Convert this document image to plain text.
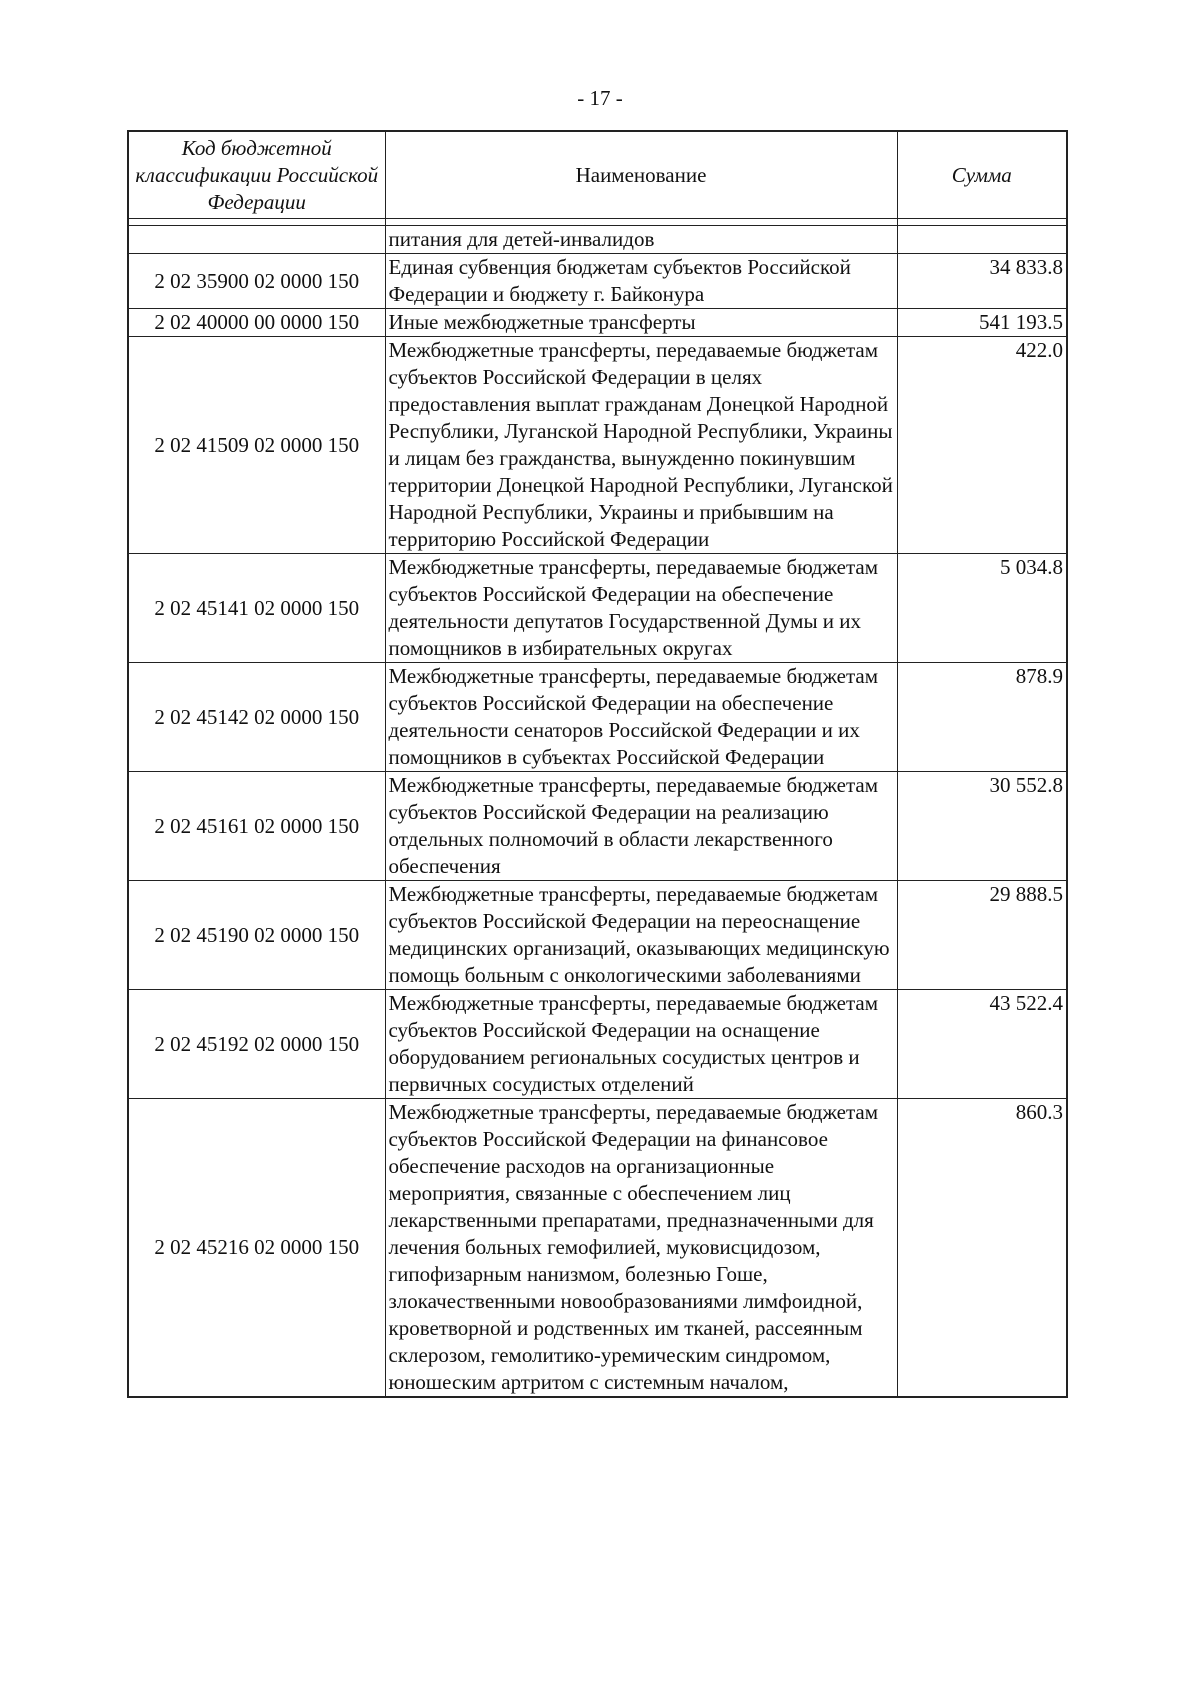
- 17 -
Код бюджетной классификации Российской Федерации	Наименование	Сумма

	питания для детей-инвалидов	
2 02 35900 02 0000 150	Единая субвенция бюджетам субъектов Российской Федерации и бюджету г. Байконура	34 833.8
2 02 40000 00 0000 150	Иные межбюджетные трансферты	541 193.5
2 02 41509 02 0000 150	Межбюджетные трансферты, передаваемые бюджетам субъектов Российской Федерации в целях предоставления выплат гражданам Донецкой Народной Республики, Луганской Народной Республики, Украины и лицам без гражданства, вынужденно покинувшим территории Донецкой Народной Республики, Луганской Народной Республики, Украины и прибывшим на территорию Российской Федерации	422.0
2 02 45141 02 0000 150	Межбюджетные трансферты, передаваемые бюджетам субъектов Российской Федерации на обеспечение деятельности депутатов Государственной Думы и их помощников в избирательных округах	5 034.8
2 02 45142 02 0000 150	Межбюджетные трансферты, передаваемые бюджетам субъектов Российской Федерации на обеспечение деятельности сенаторов Российской Федерации и их помощников в субъектах Российской Федерации	878.9
2 02 45161 02 0000 150	Межбюджетные трансферты, передаваемые бюджетам субъектов Российской Федерации на реализацию отдельных полномочий в области лекарственного обеспечения	30 552.8
2 02 45190 02 0000 150	Межбюджетные трансферты, передаваемые бюджетам субъектов Российской Федерации на переоснащение медицинских организаций, оказывающих медицинскую помощь больным с онкологическими заболеваниями	29 888.5
2 02 45192 02 0000 150	Межбюджетные трансферты, передаваемые бюджетам субъектов Российской Федерации на оснащение оборудованием региональных сосудистых центров и первичных сосудистых отделений	43 522.4
2 02 45216 02 0000 150	Межбюджетные трансферты, передаваемые бюджетам субъектов Российской Федерации на финансовое обеспечение расходов на организационные мероприятия, связанные с обеспечением лиц лекарственными препаратами, предназначенными для лечения больных гемофилией, муковисцидозом, гипофизарным нанизмом, болезнью Гоше, злокачественными новообразованиями лимфоидной, кроветворной и родственных им тканей, рассеянным склерозом, гемолитико-уремическим синдромом, юношеским артритом с системным началом,	860.3
